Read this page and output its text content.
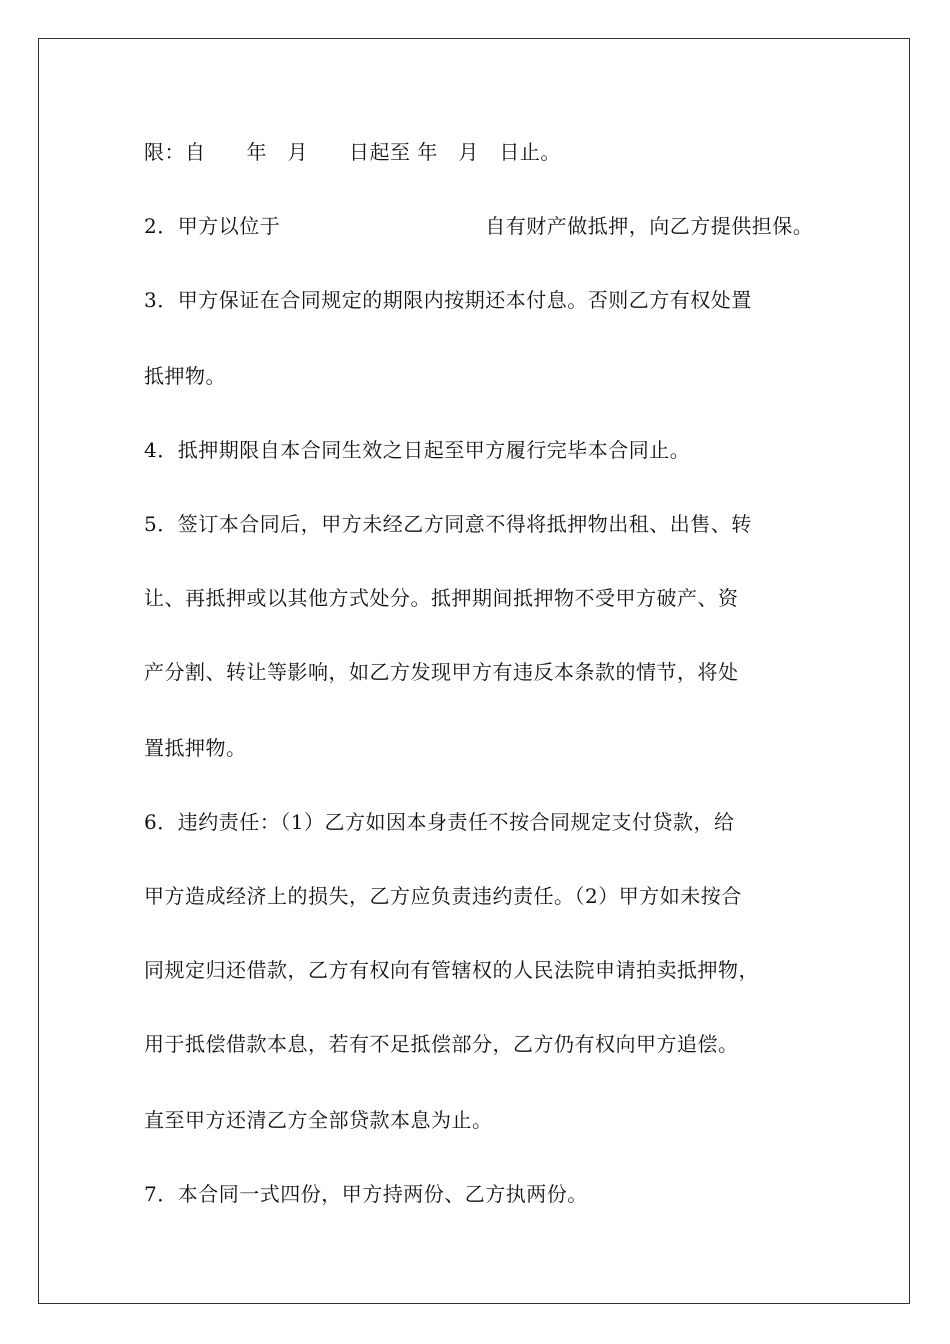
限：自　　年　月　　日起至 年　月　日止。
2．甲方以位于　　　　　　　　　　自有财产做抵押，向乙方提供担保。
3．甲方保证在合同规定的期限内按期还本付息。否则乙方有权处置
抵押物。
4．抵押期限自本合同生效之日起至甲方履行完毕本合同止。
5．签订本合同后，甲方未经乙方同意不得将抵押物出租、出售、转
让、再抵押或以其他方式处分。抵押期间抵押物不受甲方破产、资
产分割、转让等影响，如乙方发现甲方有违反本条款的情节，将处
置抵押物。
6．违约责任：（1）乙方如因本身责任不按合同规定支付贷款，给
甲方造成经济上的损失，乙方应负责违约责任。（2）甲方如未按合
同规定归还借款，乙方有权向有管辖权的人民法院申请拍卖抵押物，
用于抵偿借款本息，若有不足抵偿部分，乙方仍有权向甲方追偿。
直至甲方还清乙方全部贷款本息为止。
7．本合同一式四份，甲方持两份、乙方执两份。
